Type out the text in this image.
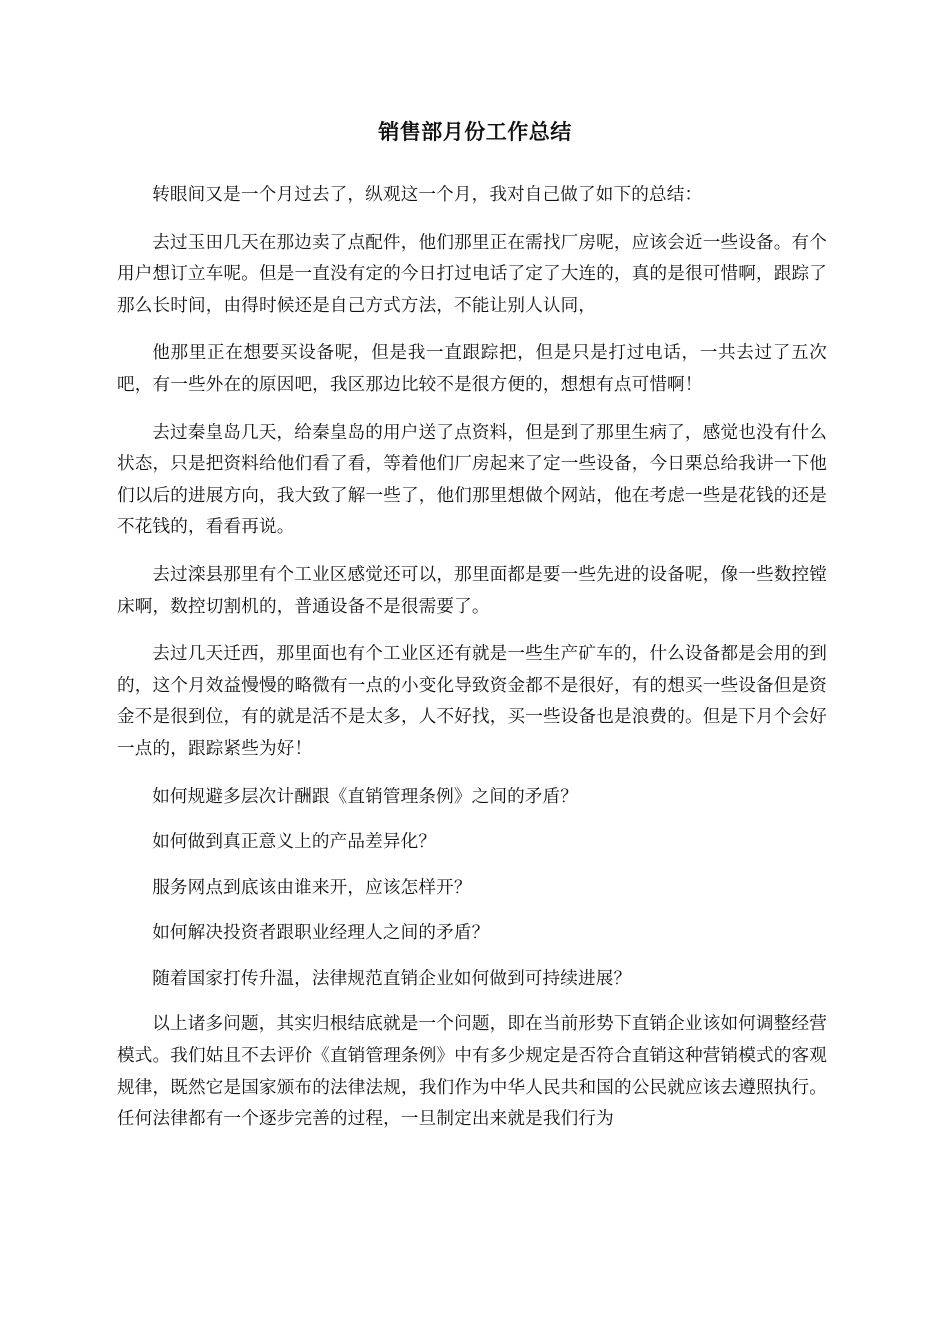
销售部月份工作总结

转眼间又是一个月过去了，纵观这一个月，我对自己做了如下的总结：

去过玉田几天在那边卖了点配件，他们那里正在需找厂房呢，应该会近一些设备。有个用户想订立车呢。但是一直没有定的今日打过电话了定了大连的，真的是很可惜啊，跟踪了那么长时间，由得时候还是自己方式方法，不能让别人认同，

他那里正在想要买设备呢，但是我一直跟踪把，但是只是打过电话，一共去过了五次吧，有一些外在的原因吧，我区那边比较不是很方便的，想想有点可惜啊！

去过秦皇岛几天，给秦皇岛的用户送了点资料，但是到了那里生病了，感觉也没有什么状态，只是把资料给他们看了看，等着他们厂房起来了定一些设备，今日栗总给我讲一下他们以后的进展方向，我大致了解一些了，他们那里想做个网站，他在考虑一些是花钱的还是不花钱的，看看再说。

去过滦县那里有个工业区感觉还可以，那里面都是要一些先进的设备呢，像一些数控镗床啊，数控切割机的，普通设备不是很需要了。

去过几天迁西，那里面也有个工业区还有就是一些生产矿车的，什么设备都是会用的到的，这个月效益慢慢的略微有一点的小变化导致资金都不是很好，有的想买一些设备但是资金不是很到位，有的就是活不是太多，人不好找，买一些设备也是浪费的。但是下月个会好一点的，跟踪紧些为好！

如何规避多层次计酬跟《直销管理条例》之间的矛盾？

如何做到真正意义上的产品差异化？

服务网点到底该由谁来开，应该怎样开？

如何解决投资者跟职业经理人之间的矛盾？

随着国家打传升温，法律规范直销企业如何做到可持续进展？

以上诸多问题，其实归根结底就是一个问题，即在当前形势下直销企业该如何调整经营模式。我们姑且不去评价《直销管理条例》中有多少规定是否符合直销这种营销模式的客观规律，既然它是国家颁布的法律法规，我们作为中华人民共和国的公民就应该去遵照执行。任何法律都有一个逐步完善的过程，一旦制定出来就是我们行为
